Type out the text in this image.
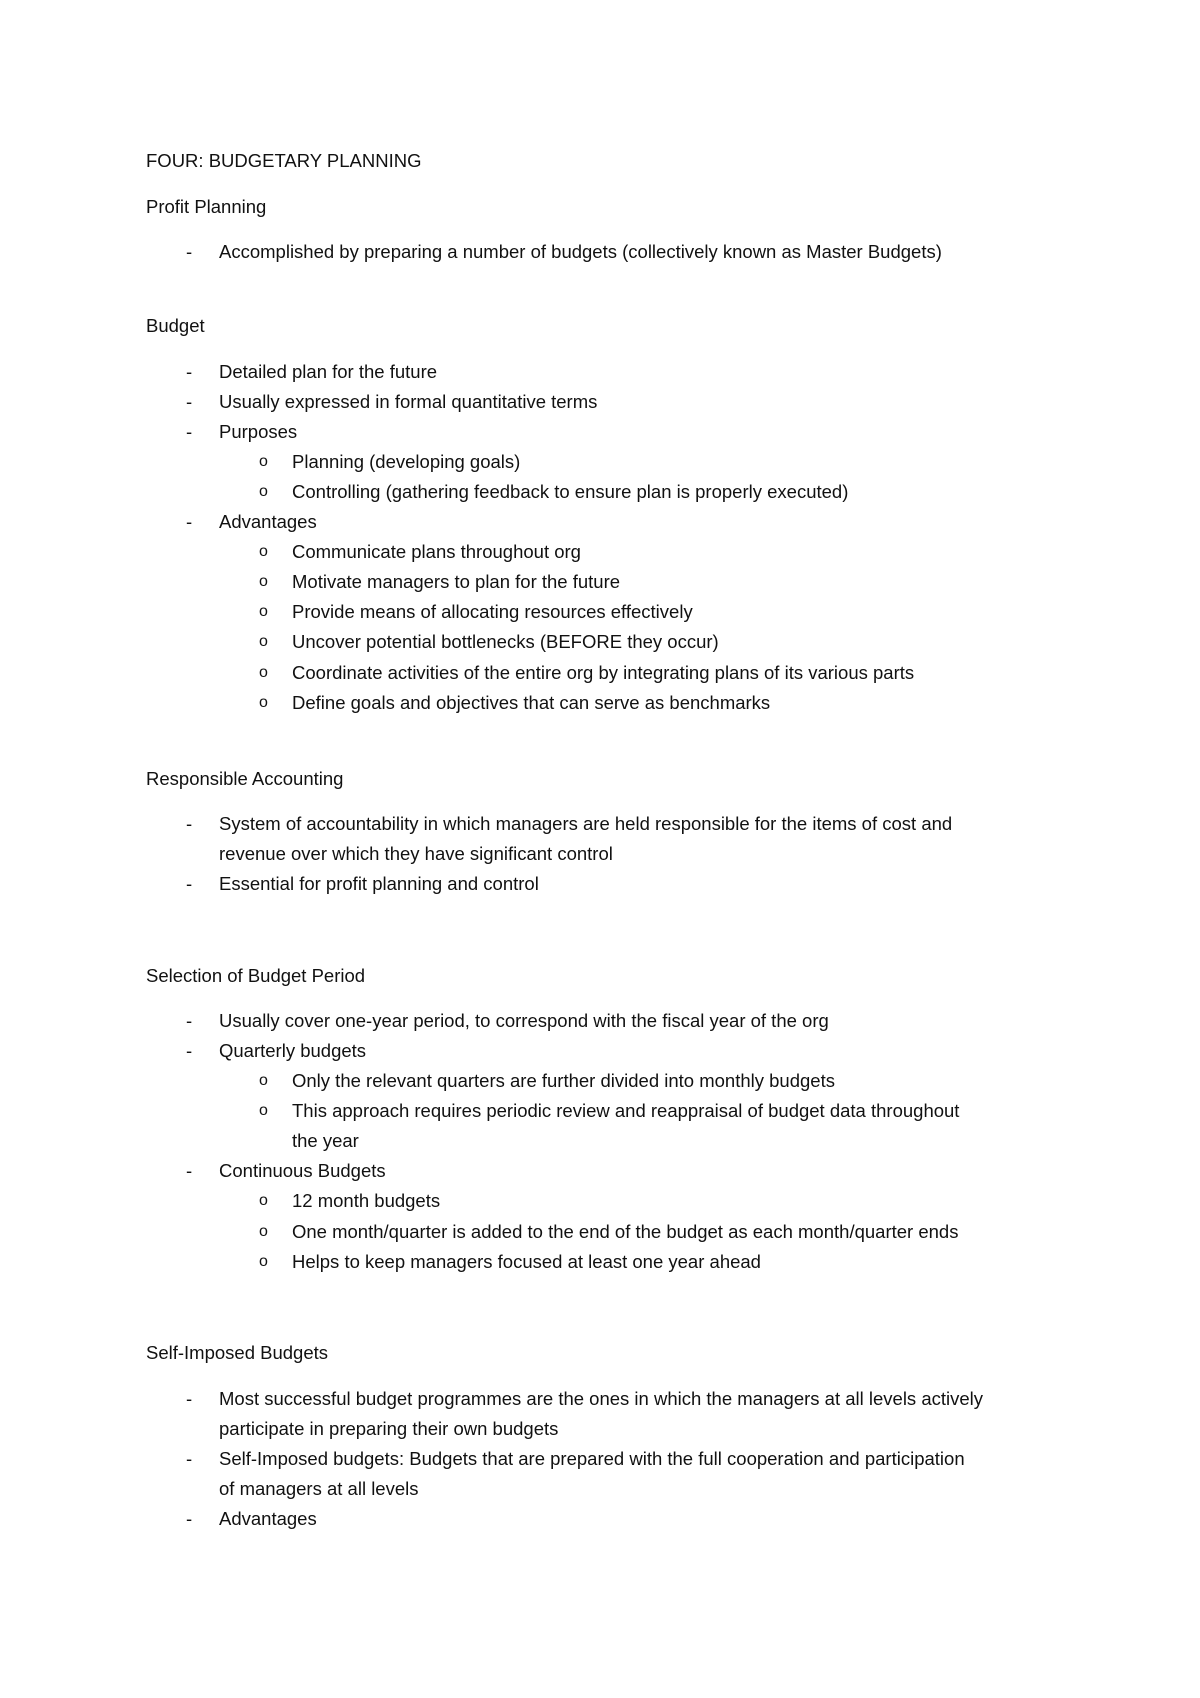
FOUR: BUDGETARY PLANNING
Profit Planning
- Accomplished by preparing a number of budgets (collectively known as Master Budgets)
Budget
- Detailed plan for the future
- Usually expressed in formal quantitative terms
- Purposes
o Planning (developing goals)
o Controlling (gathering feedback to ensure plan is properly executed)
- Advantages
o Communicate plans throughout org
o Motivate managers to plan for the future
o Provide means of allocating resources effectively
o Uncover potential bottlenecks (BEFORE they occur)
o Coordinate activities of the entire org by integrating plans of its various parts
o Define goals and objectives that can serve as benchmarks
Responsible Accounting
- System of accountability in which managers are held responsible for the items of cost and
revenue over which they have significant control
- Essential for profit planning and control
Selection of Budget Period
- Usually cover one-year period, to correspond with the fiscal year of the org
- Quarterly budgets
o Only the relevant quarters are further divided into monthly budgets
o This approach requires periodic review and reappraisal of budget data throughout
the year
- Continuous Budgets
o 12 month budgets
o One month/quarter is added to the end of the budget as each month/quarter ends
o Helps to keep managers focused at least one year ahead
Self-Imposed Budgets
- Most successful budget programmes are the ones in which the managers at all levels actively
participate in preparing their own budgets
- Self-Imposed budgets: Budgets that are prepared with the full cooperation and participation
of managers at all levels
- Advantages
